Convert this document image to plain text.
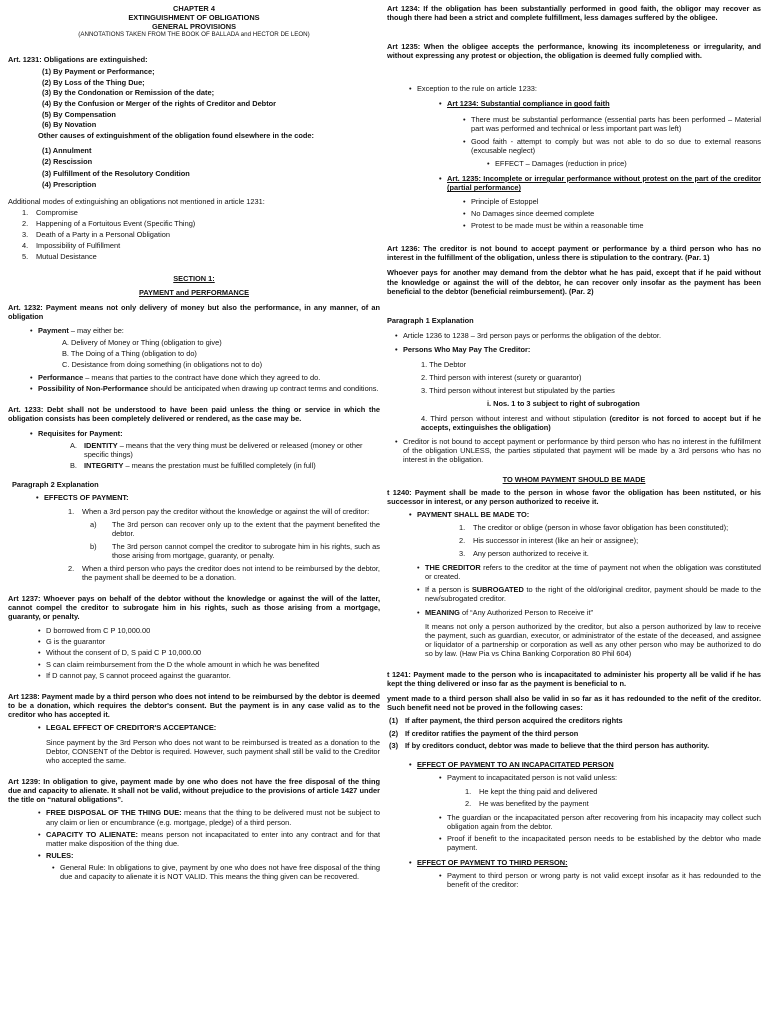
CHAPTER 4

EXTINGUISHMENT OF OBLIGATIONS

GENERAL PROVISIONS

(ANNOTATIONS TAKEN FROM THE BOOK OF BALLADA and HECTOR DE LEON)

Art. 1231: Obligations are extinguished:

(1) By Payment or Performance;

(2) By Loss of the Thing Due;

(3) By the Condonation or Remission of the date;

(4) By the Confusion or Merger of the rights of Creditor and Debtor

(5) By Compensation

(6) By Novation

Other causes of extinguishment of the obligation found elsewhere in the code:

(1) Annulment

(2) Rescission

(3) Fulfillment of the Resolutory Condition

(4) Prescription

Additional modes of extinguishing an obligations not mentioned in article 1231:

1.	Compromise
2.	Happening of a Fortuitous Event (Specific Thing)
3.	Death of a Party in a Personal Obligation
4.	Impossibility of Fulfillment
5.	Mutual Desistance

SECTION 1:

PAYMENT and PERFORMANCE

Art. 1232: Payment means not only delivery of money but also the performance, in any manner, of an obligation

• Payment – may either be:

A. Delivery of Money or Thing (obligation to give)

B. The Doing of a Thing (obligation to do)

C. Desistance from doing something (in obligations not to do)

• Performance – means that parties to the contract have done which they agreed to do.

• Possibility of Non-Performance should be anticipated when drawing up contract terms and conditions.

Art. 1233: Debt shall not be understood to have been paid unless the thing or service in which the obligation consists has been completely delivered or rendered, as the case may be.

• Requisites for Payment:

A. IDENTITY – means that the very thing must be delivered or released (money or other specific things)
B. INTEGRITY – means the prestation must be fulfilled completely (in full)

Paragraph 2 Explanation

• EFFECTS OF PAYMENT:

1.	When a 3rd person pay the creditor without the knowledge or against the will of creditor:
a)	The 3rd person can recover only up to the extent that the payment benefited the debtor.
b)	The 3rd person cannot compel the creditor to subrogate him in his rights, such as those arising from mortgage, guaranty, or penalty.
2.	When a third person who pays the creditor does not intend to be reimbursed by the debtor, the payment shall be deemed to be a donation.

Art 1237: Whoever pays on behalf of the debtor without the knowledge or against the will of the latter, cannot compel the creditor to subrogate him in his rights, such as those arising from a mortgage, guaranty, or penalty.

• D borrowed from C P 10,000.00

• G is the guarantor

• Without the consent of D, S paid C P 10,000.00

• S can claim reimbursement from the D the whole amount in which he was benefited

• If D cannot pay, S cannot proceed against the guarantor.

Art 1238: Payment made by a third person who does not intend to be reimbursed by the debtor is deemed to be a donation, which requires the debtor's consent. But the payment is in any case valid as to the creditor who has accepted it.

• LEGAL EFFECT OF CREDITOR'S ACCEPTANCE:

Since payment by the 3rd Person who does not want to be reimbursed is treated as a donation to the Debtor, CONSENT of the Debtor is required. However, such payment shall still be valid to the Creditor who accepted the same.

Art 1239: In obligation to give, payment made by one who does not have the free disposal of the thing due and capacity to alienate. It shall not be valid, without prejudice to the provisions of article 1427 under the title on “natural obligations”.

• FREE DISPOSAL OF THE THING DUE: means that the thing to be delivered must not be subject to any claim or lien or encumbrance (e.g. mortgage, pledge) of a third person.

• CAPACITY TO ALIENATE: means person not incapacitated to enter into any contract and for that matter make disposition of the thing due.

• RULES:

• General Rule: In obligations to give, payment by one who does not have free disposal of the thing due and capacity to alienate it is NOT VALID. This means the thing given can be recovered.

Art 1234: If the obligation has been substantially performed in good faith, the obligor may recover as though there had been a strict and complete fulfillment, less damages suffered by the obligee.

Art 1235: When the obligee accepts the performance, knowing its incompleteness or irregularity, and without expressing any protest or objection, the obligation is deemed fully complied with.

• Exception to the rule on article 1233:

• Art 1234: Substantial compliance in good faith

• There must be substantial performance (essential parts has been performed – Material part was performed and technical or less important part was left)

• Good faith - attempt to comply but was not able to do so due to external reasons (excusable neglect)

• EFFECT – Damages (reduction in price)

• Art. 1235: Incomplete or irregular performance without protest on the part of the creditor (partial performance)

• Principle of Estoppel

• No Damages since deemed complete

• Protest to be made must be within a reasonable time

Art 1236: The creditor is not bound to accept payment or performance by a third person who has no interest in the fulfillment of the obligation, unless there is stipulation to the contrary. (Par. 1)

Whoever pays for another may demand from the debtor what he has paid, except that if he paid without the knowledge or against the will of the debtor, he can recover only insofar as the payment has been beneficial to the debtor (beneficial reimbursement). (Par. 2)

Paragraph 1 Explanation

• Article 1236 to 1238 – 3rd person pays or performs the obligation of the debtor.

• Persons Who May Pay The Creditor:

1. The Debtor

2. Third person with interest (surety or guarantor)

3. Third person without interest but stipulated by the parties

i. Nos. 1 to 3 subject to right of subrogation

4. Third person without interest and without stipulation (creditor is not forced to accept but if he accepts, extinguishes the obligation)

• Creditor is not bound to accept payment or performance by third person who has no interest in the fulfillment of the obligation UNLESS, the parties stipulated that payment will be made by a 3rd persons who has no interest in the obligation.

TO WHOM PAYMENT SHOULD BE MADE

t 1240: Payment shall be made to the person in whose favor the obligation has been nstituted, or his successor in interest, or any person authorized to receive it.

• PAYMENT SHALL BE MADE TO:

1.	The creditor or oblige (person in whose favor obligation has been constituted);
2.	His successor in interest (like an heir or assignee);
3.	Any person authorized to receive it.

• THE CREDITOR refers to the creditor at the time of payment not when the obligation was constituted or created.

• If a person is SUBROGATED to the right of the old/original creditor, payment should be made to the new/subrogated creditor.

• MEANING of “Any Authorized Person to Receive it”

It means not only a person authorized by the creditor, but also a person authorized by law to receive the payment, such as guardian, executor, or administrator of the estate of the deceased, and assignee or liquidator of a partnership or corporation as well as any other person who may be authorized to do so by law. (Haw Pia vs China Banking Corporation 80 Phil 604)

t 1241: Payment made to the person who is incapacitated to administer his property all be valid if he has kept the thing delivered or inso far as the payment is beneficial to n.

yment made to a third person shall also be valid in so far as it has redounded to the nefit of the creditor. Such benefit need not be proved in the following cases:

(1) If after payment, the third person acquired the creditors rights
(2) If creditor ratifies the payment of the third person
(3) If by creditors conduct, debtor was made to believe that the third person has authority.

• EFFECT OF PAYMENT TO AN INCAPACITATED PERSON

• Payment to incapacitated person is not valid unless:

1.	He kept the thing paid and delivered
2.	He was benefited by the payment

• The guardian or the incapacitated person after recovering from his incapacity may collect such obligation again from the debtor.

• Proof if benefit to the incapacitated person needs to be established by the debtor who made payment.

• EFFECT OF PAYMENT TO THIRD PERSON:

• Payment to third person or wrong party is not valid except insofar as it has redounded to the benefit of the creditor:
